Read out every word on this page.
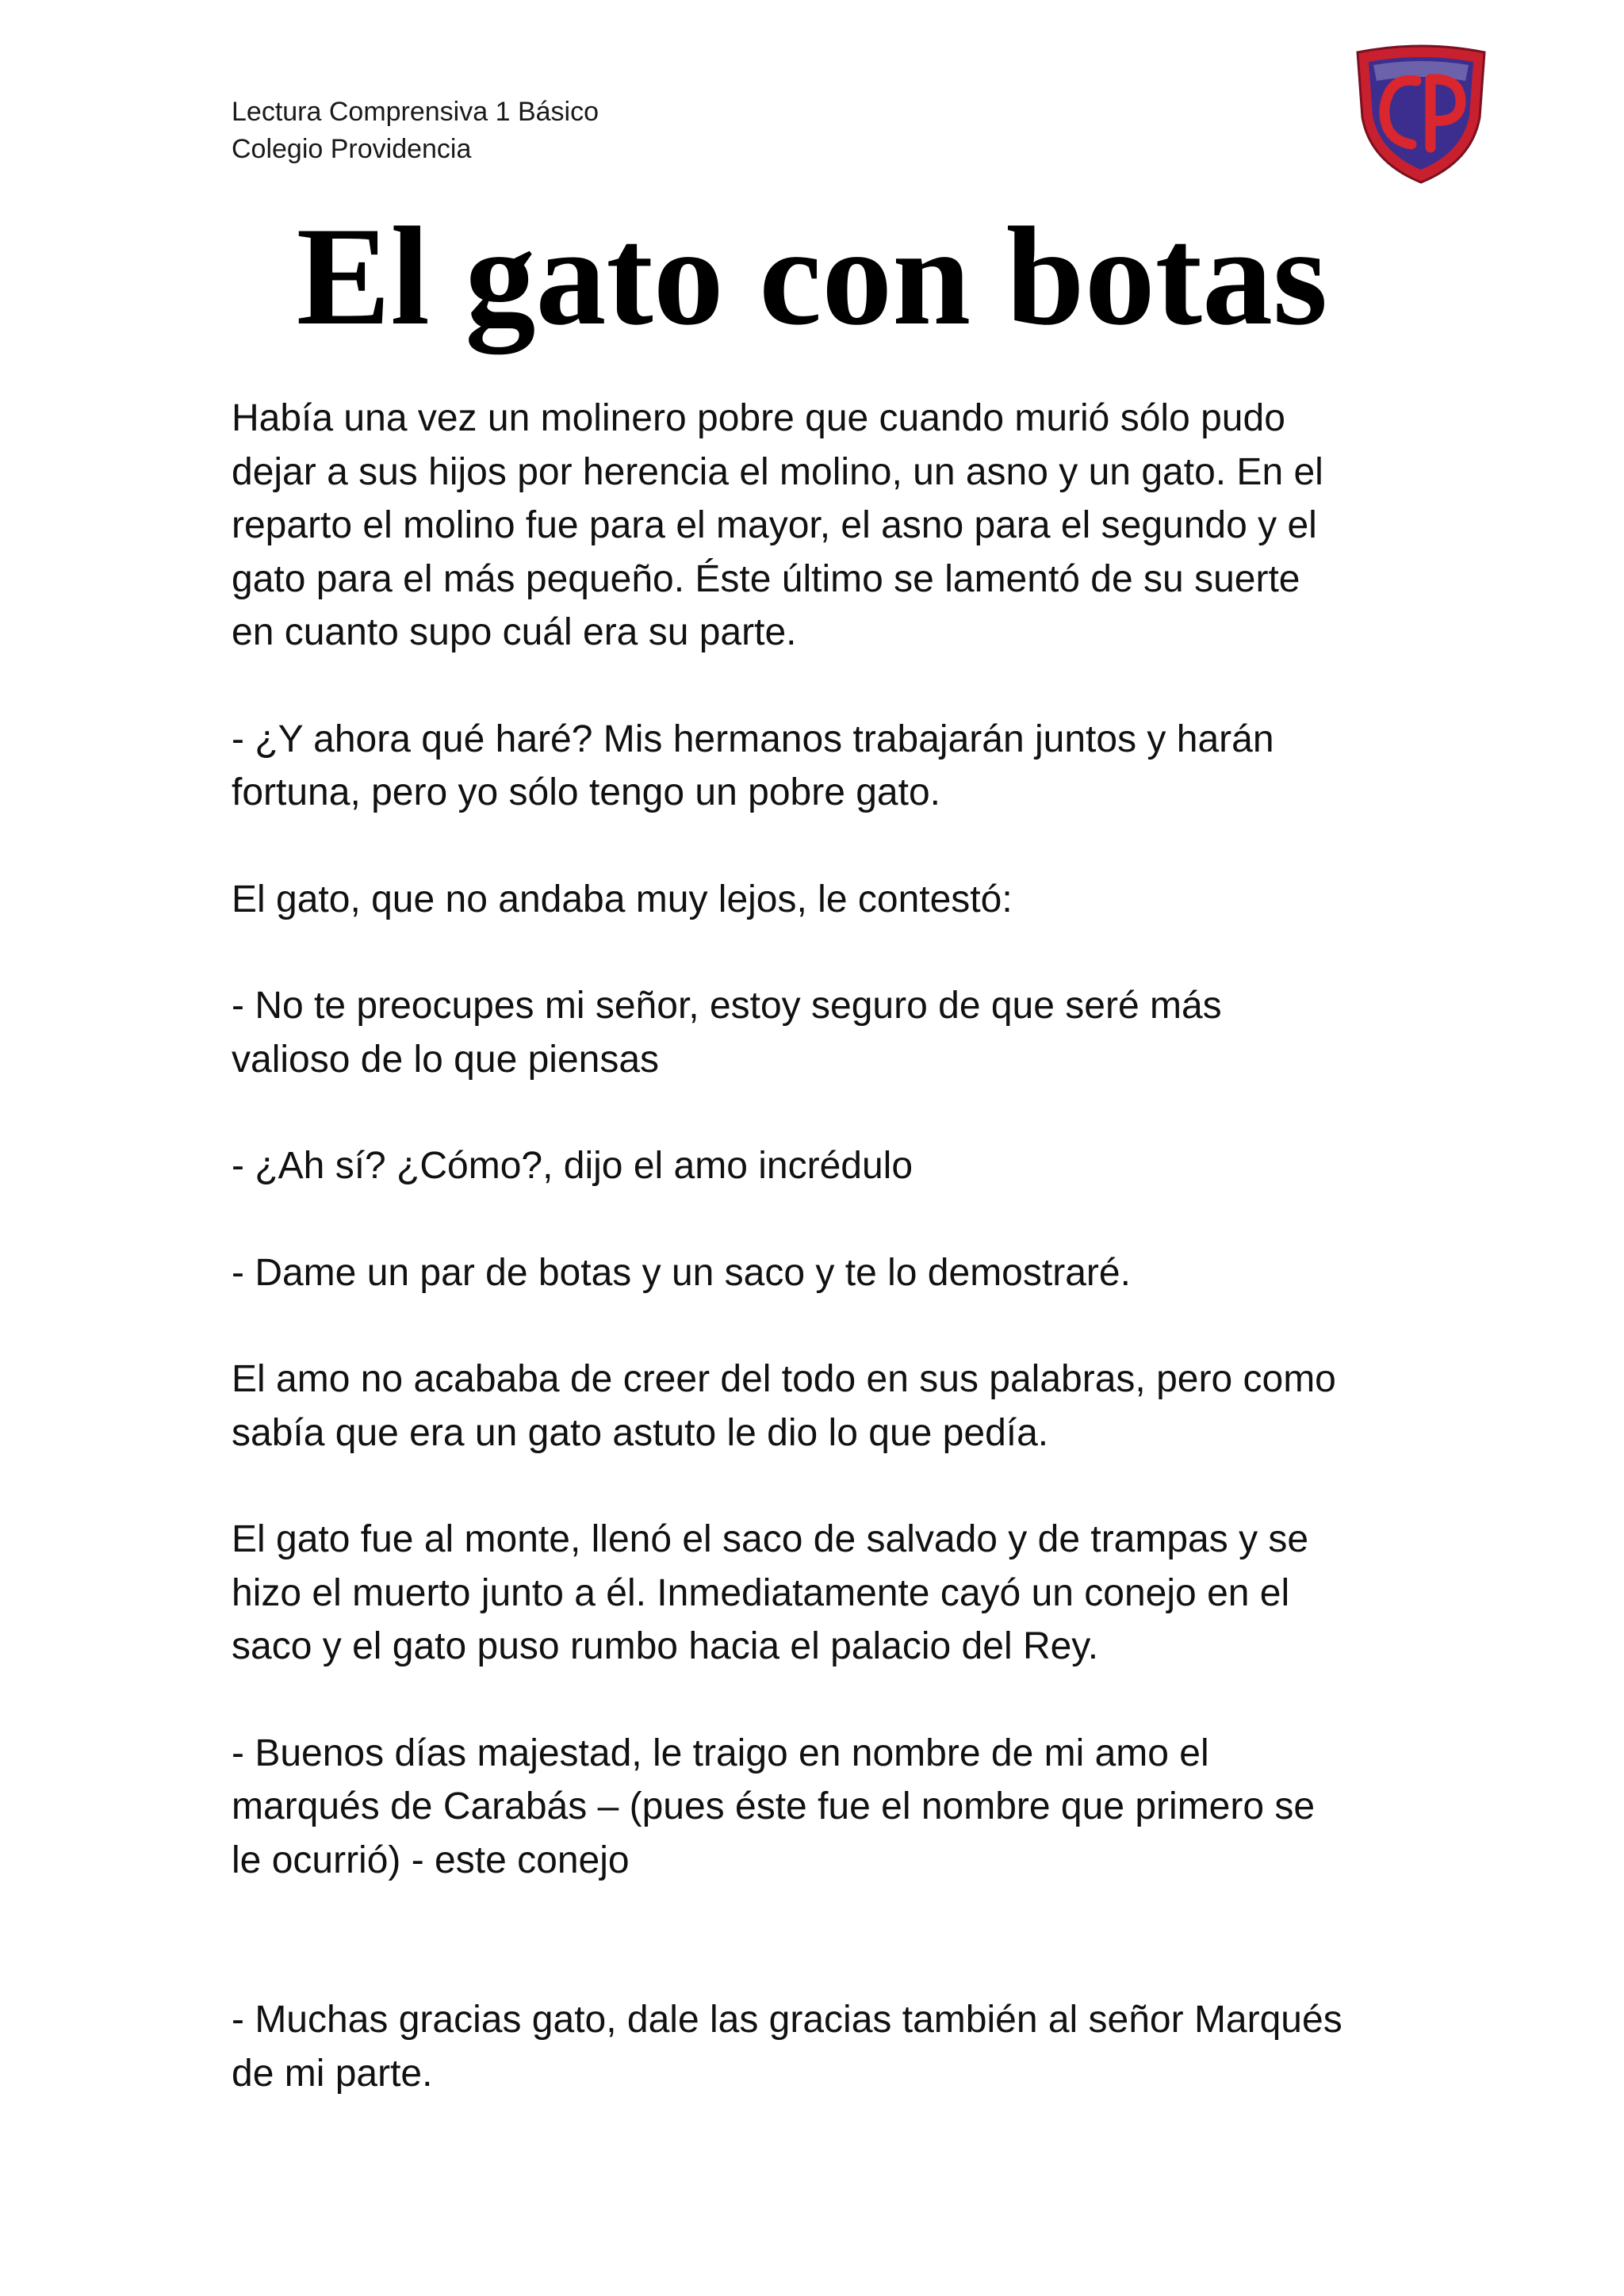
Lectura Comprensiva 1 Básico
Colegio Providencia
El gato con botas

Había una vez un molinero pobre que cuando murió sólo pudo
dejar a sus hijos por herencia el molino, un asno y un gato. En el
reparto el molino fue para el mayor, el asno para el segundo y el
gato para el más pequeño. Éste último se lamentó de su suerte
en cuanto supo cuál era su parte.

- ¿Y ahora qué haré? Mis hermanos trabajarán juntos y harán
fortuna, pero yo sólo tengo un pobre gato.

El gato, que no andaba muy lejos, le contestó:

- No te preocupes mi señor, estoy seguro de que seré más
valioso de lo que piensas

- ¿Ah sí? ¿Cómo?, dijo el amo incrédulo

- Dame un par de botas y un saco y te lo demostraré.

El amo no acababa de creer del todo en sus palabras, pero como
sabía que era un gato astuto le dio lo que pedía.

El gato fue al monte, llenó el saco de salvado y de trampas y se
hizo el muerto junto a él. Inmediatamente cayó un conejo en el
saco y el gato puso rumbo hacia el palacio del Rey.

- Buenos días majestad, le traigo en nombre de mi amo el
marqués de Carabás – (pues éste fue el nombre que primero se
le ocurrió) - este conejo

- Muchas gracias gato, dale las gracias también al señor Marqués
de mi parte.
